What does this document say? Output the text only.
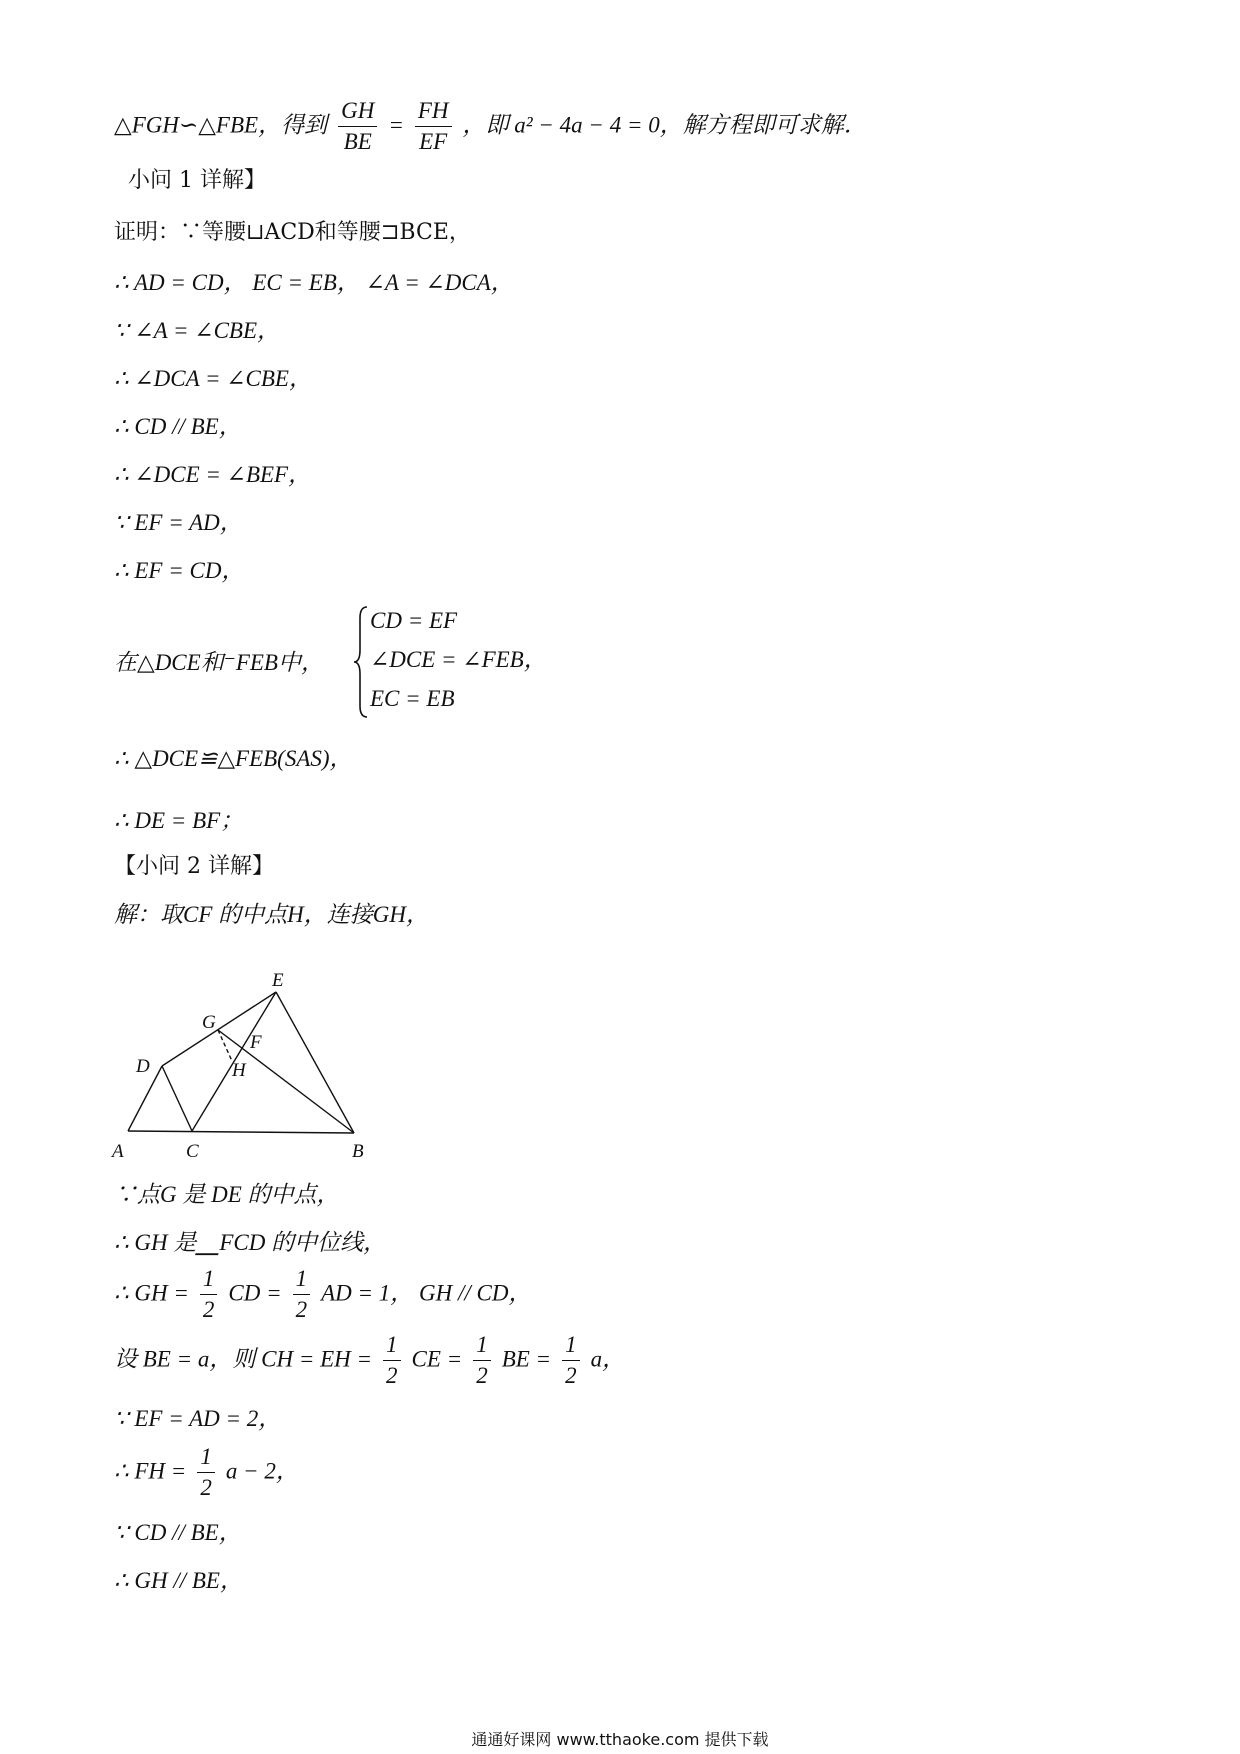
△FGH∽△FBE，得到 $\frac{GH}{BE} = \frac{FH}{EF}$ ，即 a² − 4a − 4 = 0，解方程即可求解．
小问 1 详解】
证明：∵等腰⊔ACD和等腰⊐BCE，
∴ AD = CD， EC = EB， ∠A = ∠DCA，
∵ ∠A = ∠CBE，
∴ ∠DCA = ∠CBE，
∴ CD // BE，
∴ ∠DCE = ∠BEF，
∵ EF = AD，
∴ EF = CD，
在△DCE和⁻FEB中，
CD = EF
∠DCE = ∠FEB，
EC = EB
∴ △DCE≌△FEB(SAS)，
∴ DE = BF；
【小问 2 详解】
解：取CF 的中点H，连接GH，
E
G
F
D	H
A	C	B
∵点G 是 DE 的中点，
∴ GH 是⎽FCD 的中位线，
∴ GH = $\frac{1}{2}$ CD = $\frac{1}{2}$ AD = 1， GH // CD，
设 BE = a，则 CH = EH = $\frac{1}{2}$ CE = $\frac{1}{2}$ BE = $\frac{1}{2}$ a，
∵ EF = AD = 2，
∴ FH = $\frac{1}{2}$ a − 2，
∵ CD // BE，
∴ GH // BE，
通通好课网 www.tthaoke.com 提供下载
